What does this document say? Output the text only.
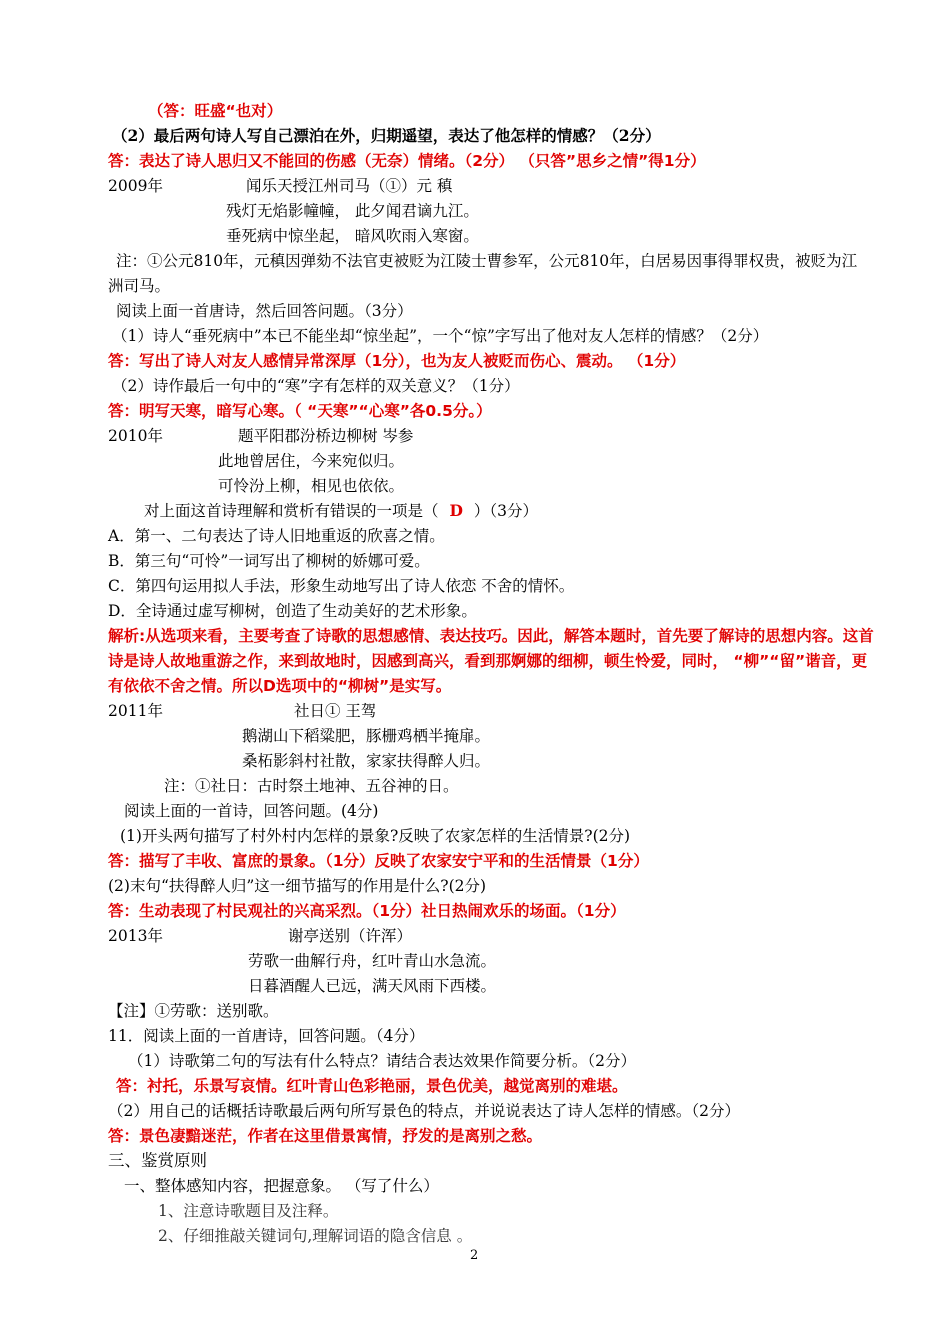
（答：旺盛“也对）
（2）最后两句诗人写自己漂泊在外，归期遥望，表达了他怎样的情感？（2分）
答：表达了诗人思归又不能回的伤感（无奈）情绪。（2分） （只答”思乡之情”得1分）
2009年	闻乐天授江州司马（①）元 稹
残灯无焰影幢幢， 此夕闻君谪九江。
垂死病中惊坐起， 暗风吹雨入寒窗。
注：①公元810年，元稹因弹劾不法官吏被贬为江陵士曹参军，公元810年，白居易因事得罪权贵，被贬为江洲司马。
阅读上面一首唐诗，然后回答问题。（3分）
（1）诗人“垂死病中”本已不能坐却“惊坐起”，一个“惊”字写出了他对友人怎样的情感？（2分）
答：写出了诗人对友人感情异常深厚（1分），也为友人被贬而伤心、震动。 （1分）
（2）诗作最后一句中的“寒”字有怎样的双关意义？（1分）
答：明写天寒，暗写心寒。（ “天寒”“心寒”各0.5分。）
2010年	题平阳郡汾桥边柳树 岑参
此地曾居住，今来宛似归。
可怜汾上柳，相见也依依。
对上面这首诗理解和赏析有错误的一项是（ D ）（3分）
A．第一、二句表达了诗人旧地重返的欣喜之情。
B．第三句“可怜”一词写出了柳树的娇娜可爱。
C．第四句运用拟人手法，形象生动地写出了诗人依恋 不舍的情怀。
D．全诗通过虚写柳树，创造了生动美好的艺术形象。
解析:从选项来看，主要考查了诗歌的思想感情、表达技巧。因此，解答本题时，首先要了解诗的思想内容。这首诗是诗人故地重游之作，来到故地时，因感到高兴，看到那婀娜的细柳，顿生怜爱，同时， “柳”“留”谐音，更有依依不舍之情。所以D选项中的“柳树”是实写。
2011年	社日① 王驾
鹅湖山下稻粱肥，豚栅鸡栖半掩扉。
桑柘影斜村社散，家家扶得醉人归。
注：①社日：古时祭土地神、五谷神的日。
阅读上面的一首诗，回答问题。(4分)
(1)开头两句描写了村外村内怎样的景象?反映了农家怎样的生活情景?(2分)
答：描写了丰收、富庶的景象。（1分）反映了农家安宁平和的生活情景（1分）
(2)末句“扶得醉人归”这一细节描写的作用是什么?(2分)
答：生动表现了村民观社的兴高采烈。（1分）社日热闹欢乐的场面。（1分）
2013年	谢亭送别（许浑）
劳歌一曲解行舟，红叶青山水急流。
日暮酒醒人已远，满天风雨下西楼。
【注】①劳歌：送别歌。
11．阅读上面的一首唐诗，回答问题。（4分）
（1）诗歌第二句的写法有什么特点？请结合表达效果作简要分析。（2分）
答：衬托，乐景写哀情。红叶青山色彩艳丽，景色优美，越觉离别的难堪。
（2）用自己的话概括诗歌最后两句所写景色的特点，并说说表达了诗人怎样的情感。（2分）
答：景色凄黯迷茫，作者在这里借景寓情，抒发的是离别之愁。
三、鉴赏原则
一、整体感知内容，把握意象。 （写了什么）
1、注意诗歌题目及注释。
2、仔细推敲关键词句,理解词语的隐含信息 。
2
